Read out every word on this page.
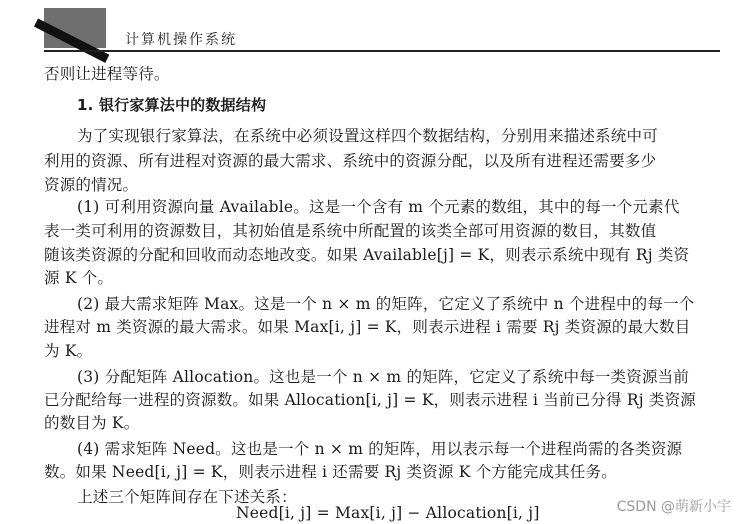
计算机操作系统
否则让进程等待。
1. 银行家算法中的数据结构
为了实现银行家算法，在系统中必须设置这样四个数据结构，分别用来描述系统中可
利用的资源、所有进程对资源的最大需求、系统中的资源分配，以及所有进程还需要多少
资源的情况。
(1) 可利用资源向量 Available。这是一个含有 m 个元素的数组，其中的每一个元素代
表一类可利用的资源数目，其初始值是系统中所配置的该类全部可用资源的数目，其数值
随该类资源的分配和回收而动态地改变。如果 Available[j] = K，则表示系统中现有 Rj 类资
源 K 个。
(2) 最大需求矩阵 Max。这是一个 n × m 的矩阵，它定义了系统中 n 个进程中的每一个
进程对 m 类资源的最大需求。如果 Max[i, j] = K，则表示进程 i 需要 Rj 类资源的最大数目
为 K。
(3) 分配矩阵 Allocation。这也是一个 n × m 的矩阵，它定义了系统中每一类资源当前
已分配给每一进程的资源数。如果 Allocation[i, j] = K，则表示进程 i 当前已分得 Rj 类资源
的数目为 K。
(4) 需求矩阵 Need。这也是一个 n × m 的矩阵，用以表示每一个进程尚需的各类资源
数。如果 Need[i, j] = K，则表示进程 i 还需要 Rj 类资源 K 个方能完成其任务。
上述三个矩阵间存在下述关系：
Need[i, j] = Max[i, j] − Allocation[i, j]	CSDN @萌新小宇
